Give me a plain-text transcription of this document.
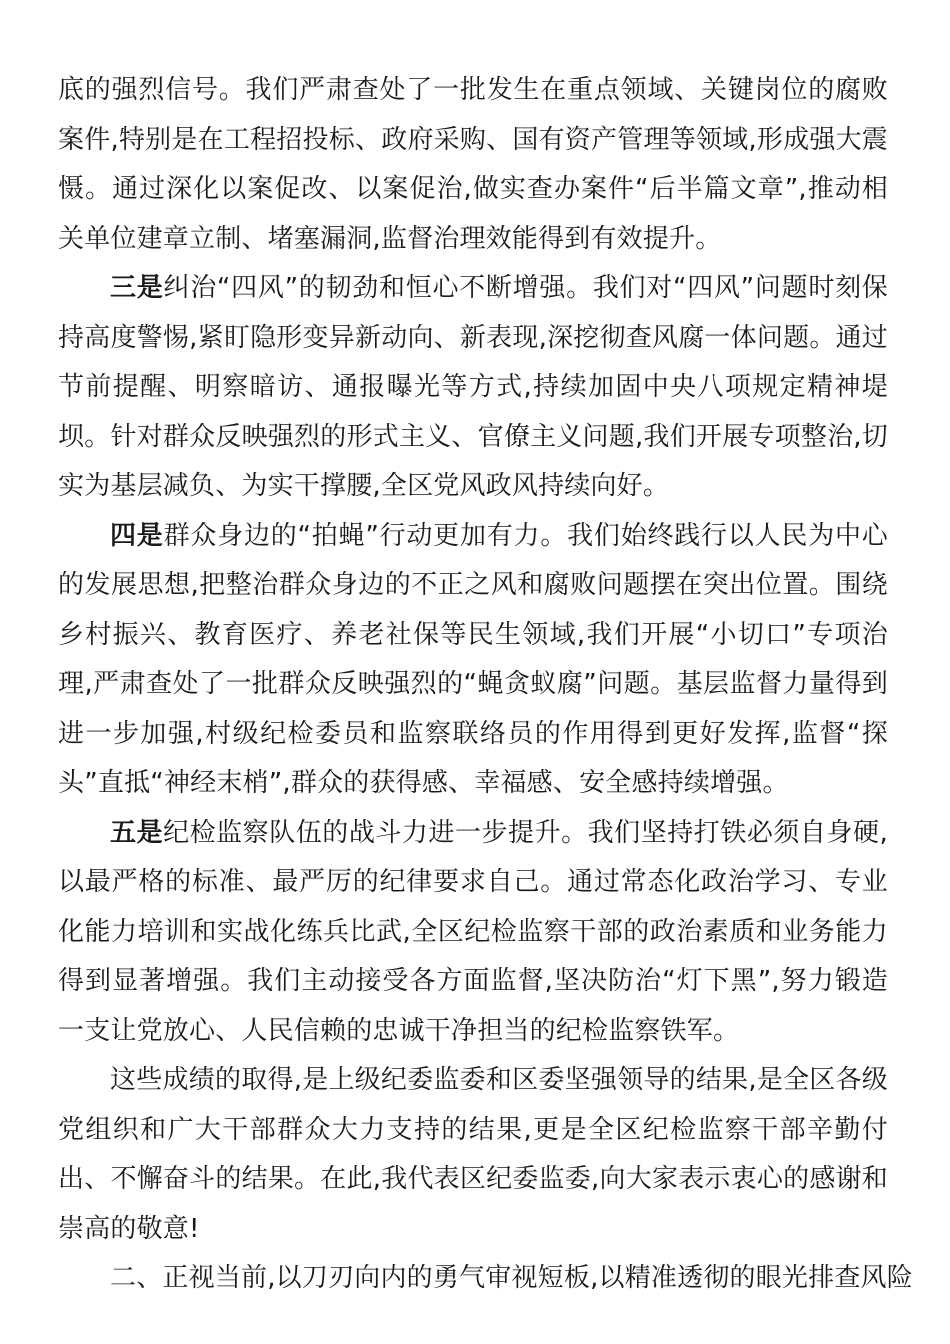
底的强烈信号。我们严肃查处了一批发生在重点领域、关键岗位的腐败案件,特别是在工程招投标、政府采购、国有资产管理等领域,形成强大震慑。通过深化以案促改、以案促治,做实查办案件“后半篇文章”,推动相关单位建章立制、堵塞漏洞,监督治理效能得到有效提升。

三是纠治“四风”的韧劲和恒心不断增强。我们对“四风”问题时刻保持高度警惕,紧盯隐形变异新动向、新表现,深挖彻查风腐一体问题。通过节前提醒、明察暗访、通报曝光等方式,持续加固中央八项规定精神堤坝。针对群众反映强烈的形式主义、官僚主义问题,我们开展专项整治,切实为基层减负、为实干撑腰,全区党风政风持续向好。

四是群众身边的“拍蝇”行动更加有力。我们始终践行以人民为中心的发展思想,把整治群众身边的不正之风和腐败问题摆在突出位置。围绕乡村振兴、教育医疗、养老社保等民生领域,我们开展“小切口”专项治理,严肃查处了一批群众反映强烈的“蝇贪蚁腐”问题。基层监督力量得到进一步加强,村级纪检委员和监察联络员的作用得到更好发挥,监督“探头”直抵“神经末梢”,群众的获得感、幸福感、安全感持续增强。

五是纪检监察队伍的战斗力进一步提升。我们坚持打铁必须自身硬,以最严格的标准、最严厉的纪律要求自己。通过常态化政治学习、专业化能力培训和实战化练兵比武,全区纪检监察干部的政治素质和业务能力得到显著增强。我们主动接受各方面监督,坚决防治“灯下黑”,努力锻造一支让党放心、人民信赖的忠诚干净担当的纪检监察铁军。

这些成绩的取得,是上级纪委监委和区委坚强领导的结果,是全区各级党组织和广大干部群众大力支持的结果,更是全区纪检监察干部辛勤付出、不懈奋斗的结果。在此,我代表区纪委监委,向大家表示衷心的感谢和崇高的敬意!

二、正视当前,以刀刃向内的勇气审视短板,以精准透彻的眼光排查风险
